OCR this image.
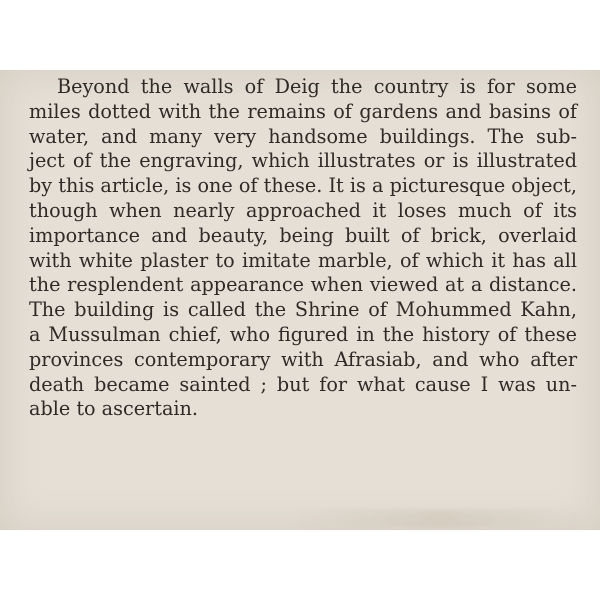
Beyond the walls of Deig the country is for some
miles dotted with the remains of gardens and basins of
water, and many very handsome buildings. The sub-
ject of the engraving, which illustrates or is illustrated
by this article, is one of these. It is a picturesque object,
though when nearly approached it loses much of its
importance and beauty, being built of brick, overlaid
with white plaster to imitate marble, of which it has all
the resplendent appearance when viewed at a distance.
The building is called the Shrine of Mohummed Kahn,
a Mussulman chief, who figured in the history of these
provinces contemporary with Afrasiab, and who after
death became sainted ; but for what cause I was un-
able to ascertain.
